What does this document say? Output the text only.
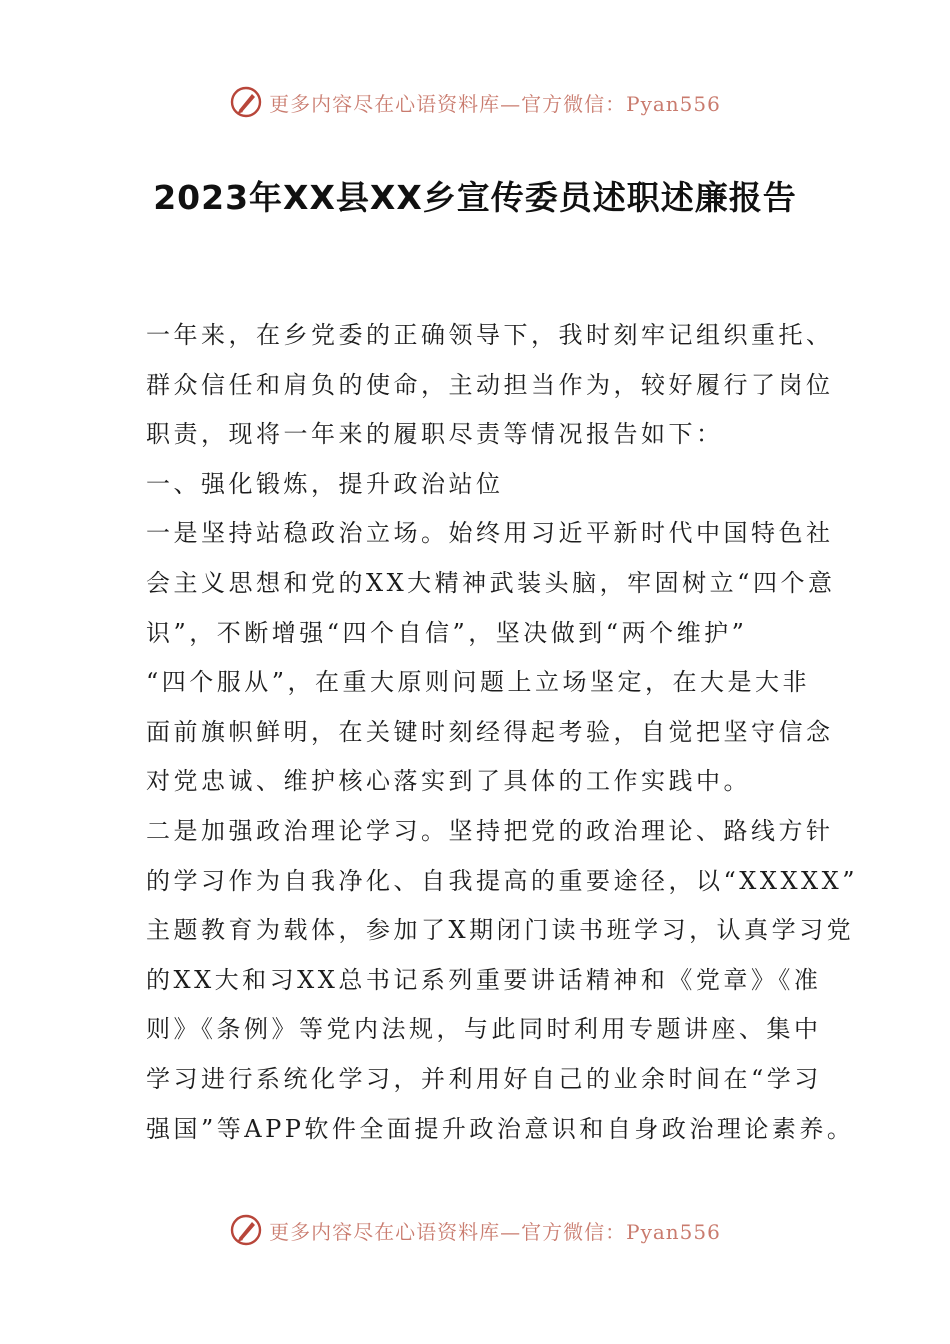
更多内容尽在心语资料库—官方微信：Pyan556
2023年XX县XX乡宣传委员述职述廉报告
一年来，在乡党委的正确领导下，我时刻牢记组织重托、
群众信任和肩负的使命，主动担当作为，较好履行了岗位
职责，现将一年来的履职尽责等情况报告如下：
一、强化锻炼，提升政治站位
一是坚持站稳政治立场。始终用习近平新时代中国特色社
会主义思想和党的XX大精神武装头脑，牢固树立“四个意
识”，不断增强“四个自信”，坚决做到“两个维护”
“四个服从”，在重大原则问题上立场坚定，在大是大非
面前旗帜鲜明，在关键时刻经得起考验，自觉把坚守信念
对党忠诚、维护核心落实到了具体的工作实践中。
二是加强政治理论学习。坚持把党的政治理论、路线方针
的学习作为自我净化、自我提高的重要途径，以“XXXXX”
主题教育为载体，参加了X期闭门读书班学习，认真学习党
的XX大和习XX总书记系列重要讲话精神和《党章》《准
则》《条例》等党内法规，与此同时利用专题讲座、集中
学习进行系统化学习，并利用好自己的业余时间在“学习
强国”等APP软件全面提升政治意识和自身政治理论素养。
更多内容尽在心语资料库—官方微信：Pyan556
